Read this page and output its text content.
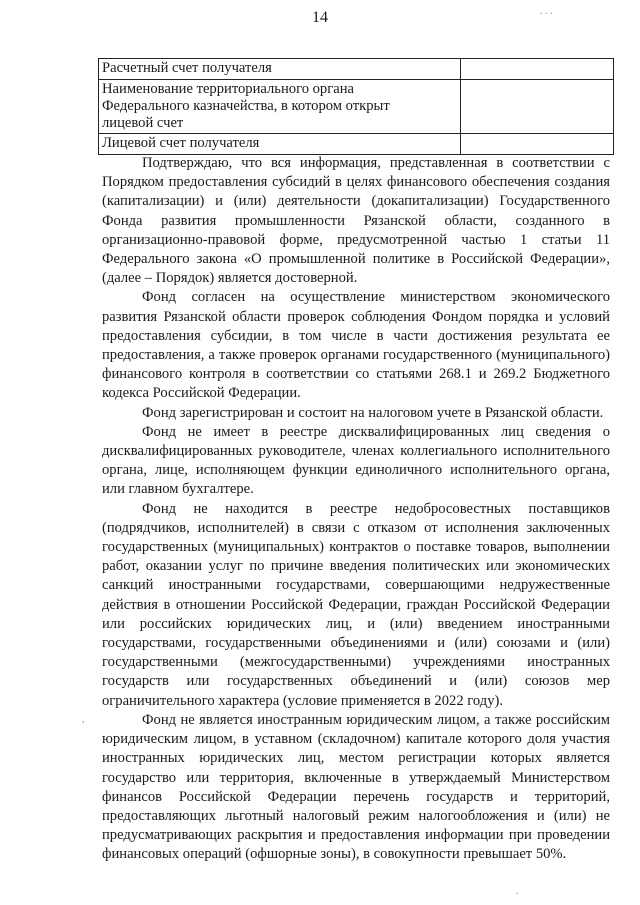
14
Расчетный счет получателя	
Наименование территориального органа Федерального казначейства, в котором открыт лицевой счет	
Лицевой счет получателя	

Подтверждаю, что вся информация, представленная в соответствии с Порядком предоставления субсидий в целях финансового обеспечения создания (капитализации) и (или) деятельности (докапитализации) Государственного Фонда развития промышленности Рязанской области, созданного в организационно-правовой форме, предусмотренной частью 1 статьи 11 Федерального закона «О промышленной политике в Российской Федерации», (далее – Порядок) является достоверной.

Фонд согласен на осуществление министерством экономического развития Рязанской области проверок соблюдения Фондом порядка и условий предоставления субсидии, в том числе в части достижения результата ее предоставления, а также проверок органами государственного (муниципального) финансового контроля в соответствии со статьями 268.1 и 269.2 Бюджетного кодекса Российской Федерации.

Фонд зарегистрирован и состоит на налоговом учете в Рязанской области.

Фонд не имеет в реестре дисквалифицированных лиц сведения о дисквалифицированных руководителе, членах коллегиального исполнительного органа, лице, исполняющем функции единоличного исполнительного органа, или главном бухгалтере.

Фонд не находится в реестре недобросовестных поставщиков (подрядчиков, исполнителей) в связи с отказом от исполнения заключенных государственных (муниципальных) контрактов о поставке товаров, выполнении работ, оказании услуг по причине введения политических или экономических санкций иностранными государствами, совершающими недружественные действия в отношении Российской Федерации, граждан Российской Федерации или российских юридических лиц, и (или) введением иностранными государствами, государственными объединениями и (или) союзами и (или) государственными (межгосударственными) учреждениями иностранных государств или государственных объединений и (или) союзов мер ограничительного характера (условие применяется в 2022 году).

Фонд не является иностранным юридическим лицом, а также российским юридическим лицом, в уставном (складочном) капитале которого доля участия иностранных юридических лиц, местом регистрации которых является государство или территория, включенные в утверждаемый Министерством финансов Российской Федерации перечень государств и территорий, предоставляющих льготный налоговый режим налогообложения и (или) не предусматривающих раскрытия и предоставления информации при проведении финансовых операций (офшорные зоны), в совокупности превышает 50%.

. . .
,
.
